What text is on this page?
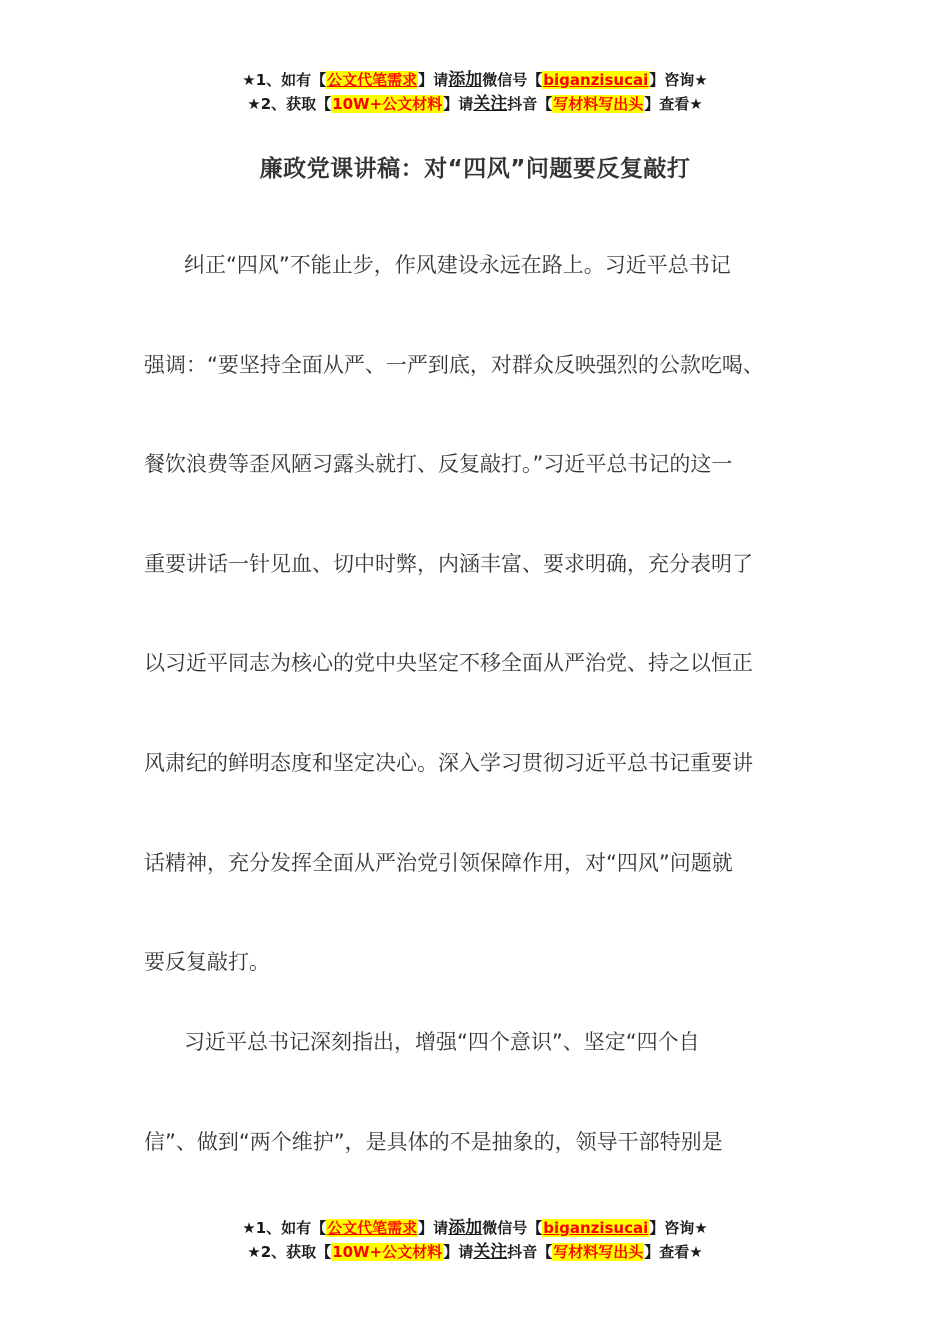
★1、如有【公文代笔需求】请添加微信号【biganzisucai】咨询★
★2、获取【10W+公文材料】请关注抖音【写材料写出头】查看★
廉政党课讲稿：对“四风”问题要反复敲打
纠正“四风”不能止步，作风建设永远在路上。习近平总书记
强调：“要坚持全面从严、一严到底，对群众反映强烈的公款吃喝、
餐饮浪费等歪风陋习露头就打、反复敲打。”习近平总书记的这一
重要讲话一针见血、切中时弊，内涵丰富、要求明确，充分表明了
以习近平同志为核心的党中央坚定不移全面从严治党、持之以恒正
风肃纪的鲜明态度和坚定决心。深入学习贯彻习近平总书记重要讲
话精神，充分发挥全面从严治党引领保障作用，对“四风”问题就
要反复敲打。
习近平总书记深刻指出，增强“四个意识”、坚定“四个自
信”、做到“两个维护”，是具体的不是抽象的，领导干部特别是
★1、如有【公文代笔需求】请添加微信号【biganzisucai】咨询★
★2、获取【10W+公文材料】请关注抖音【写材料写出头】查看★
